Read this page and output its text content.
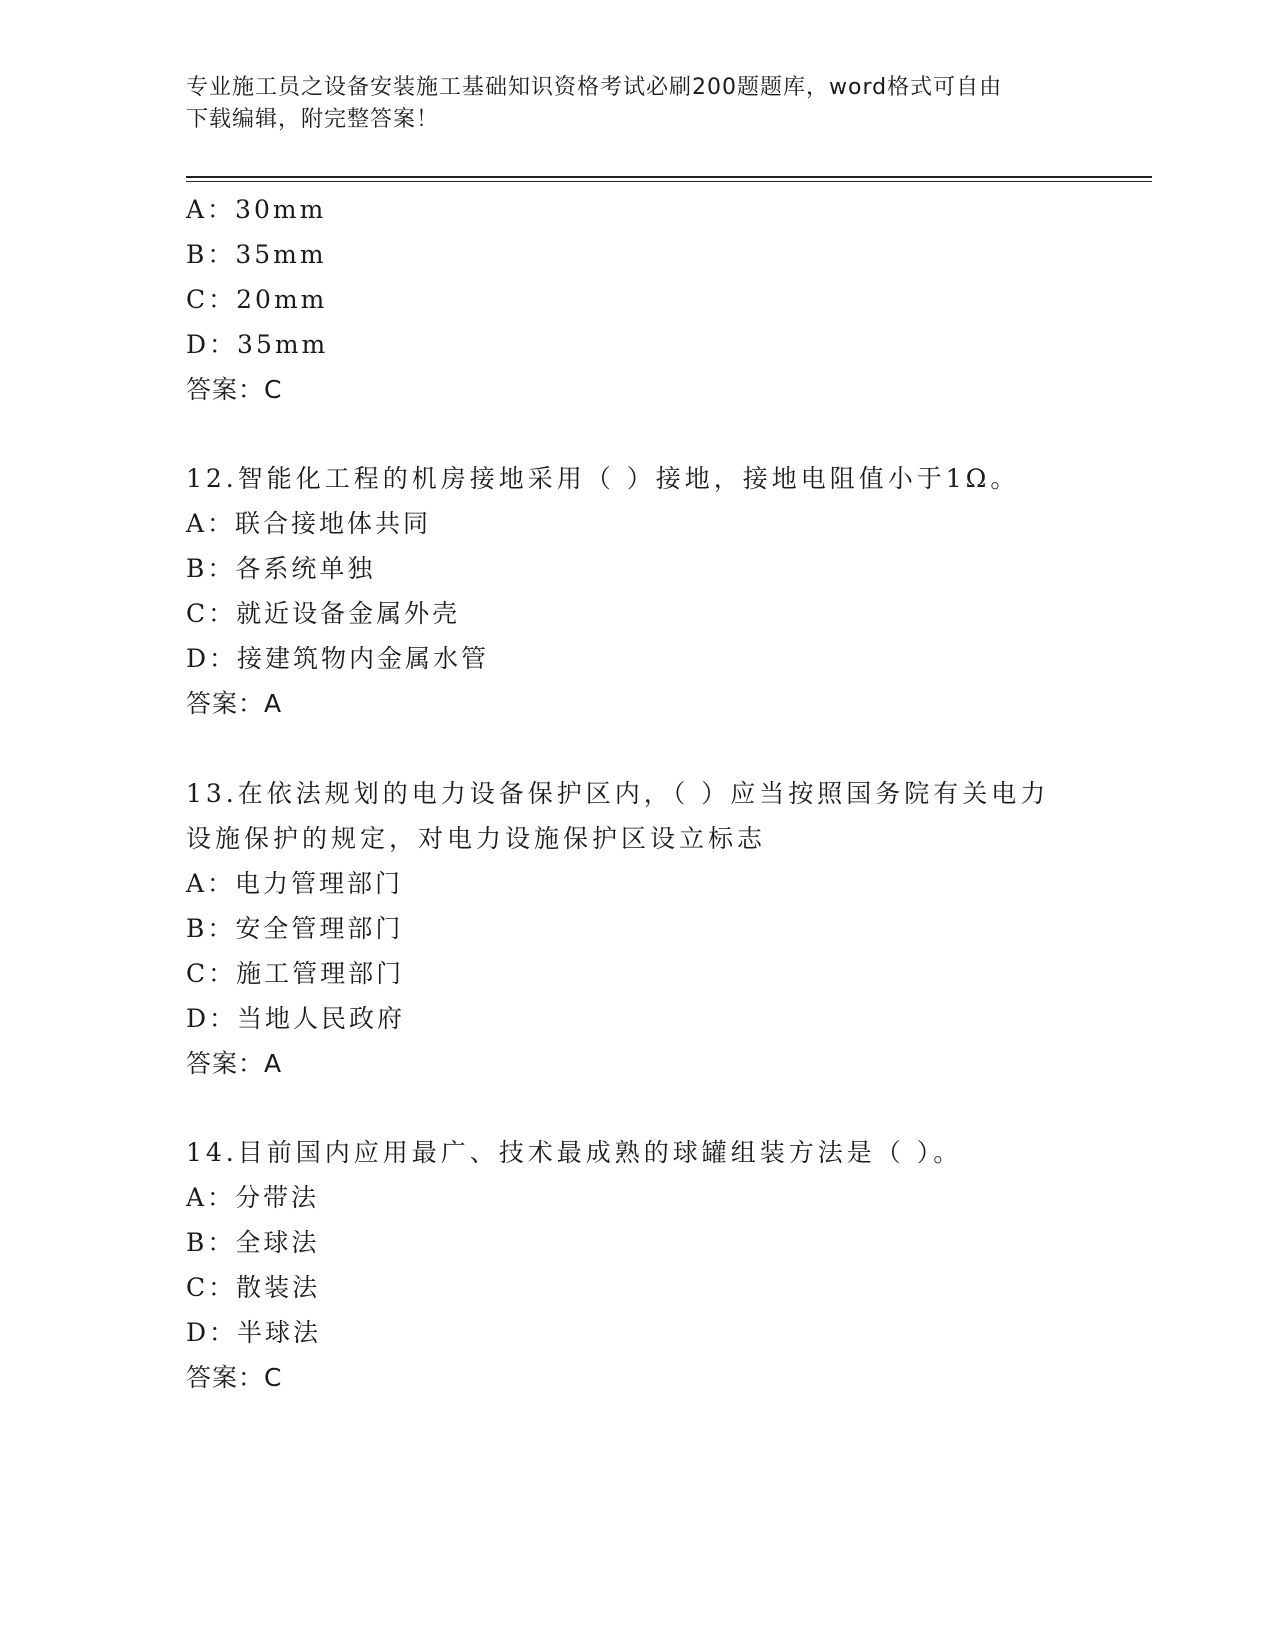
专业施工员之设备安装施工基础知识资格考试必刷200题题库，word格式可自由
下载编辑，附完整答案！
A：30mm
B：35mm
C：20mm
D：35mm
答案：C
12.智能化工程的机房接地采用（ ）接地，接地电阻值小于1Ω。
A：联合接地体共同
B：各系统单独
C：就近设备金属外壳
D：接建筑物内金属水管
答案：A
13.在依法规划的电力设备保护区内，（ ）应当按照国务院有关电力
设施保护的规定，对电力设施保护区设立标志
A：电力管理部门
B：安全管理部门
C：施工管理部门
D：当地人民政府
答案：A
14.目前国内应用最广、技术最成熟的球罐组装方法是（ ）。
A：分带法
B：全球法
C：散装法
D：半球法
答案：C
